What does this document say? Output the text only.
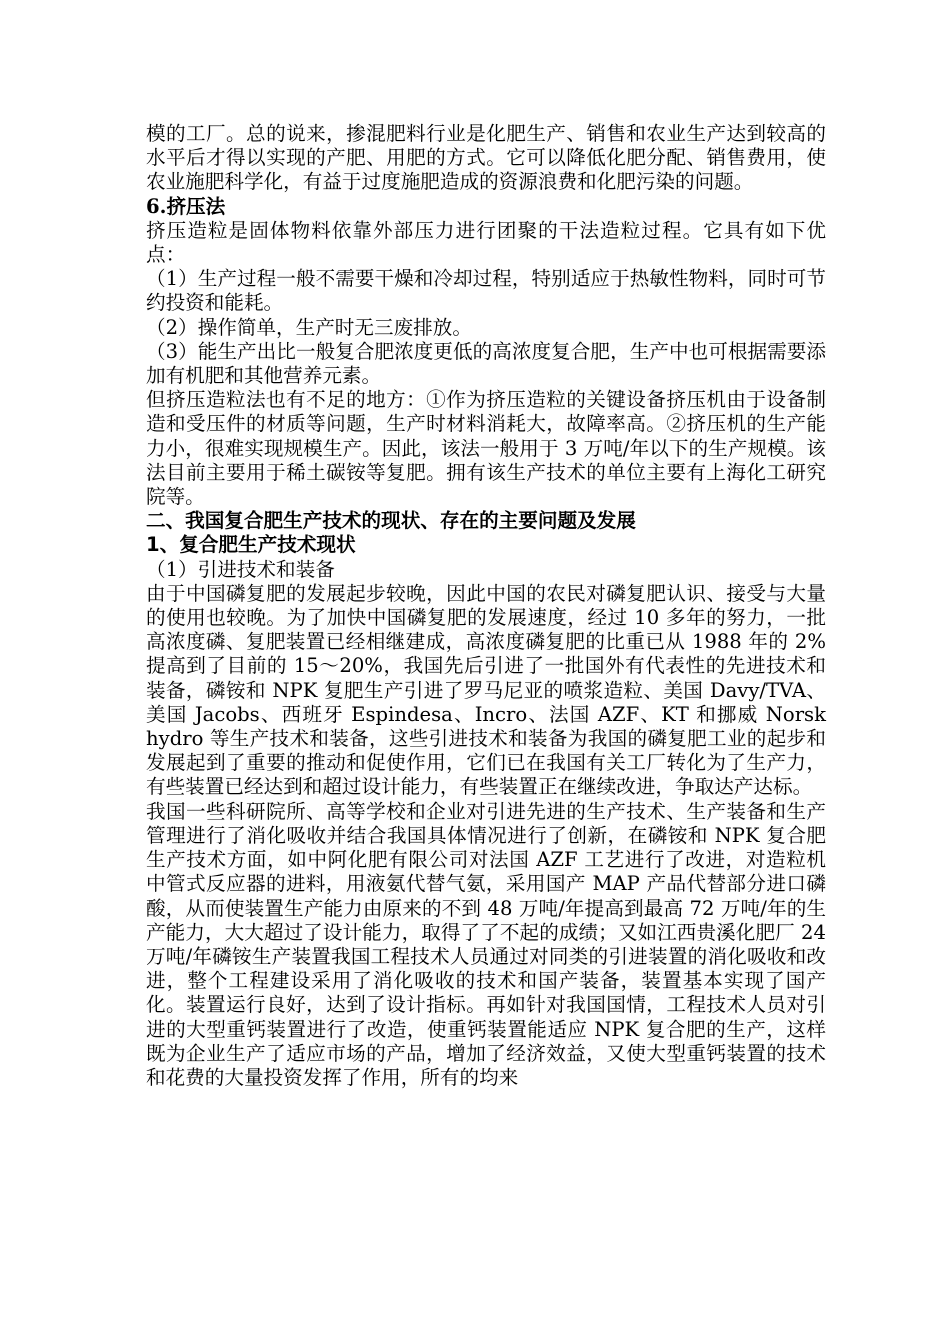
模的工厂。总的说来，掺混肥料行业是化肥生产、销售和农业生产达到较高的水平后才得以实现的产肥、用肥的方式。它可以降低化肥分配、销售费用，使农业施肥科学化，有益于过度施肥造成的资源浪费和化肥污染的问题。

6.挤压法

挤压造粒是固体物料依靠外部压力进行团聚的干法造粒过程。它具有如下优点：

（1）生产过程一般不需要干燥和冷却过程，特别适应于热敏性物料，同时可节约投资和能耗。

（2）操作简单，生产时无三废排放。

（3）能生产出比一般复合肥浓度更低的高浓度复合肥，生产中也可根据需要添加有机肥和其他营养元素。

但挤压造粒法也有不足的地方：①作为挤压造粒的关键设备挤压机由于设备制造和受压件的材质等问题，生产时材料消耗大，故障率高。②挤压机的生产能力小，很难实现规模生产。因此，该法一般用于 3 万吨/年以下的生产规模。该法目前主要用于稀土碳铵等复肥。拥有该生产技术的单位主要有上海化工研究院等。

二、我国复合肥生产技术的现状、存在的主要问题及发展

1、复合肥生产技术现状

（1）引进技术和装备

由于中国磷复肥的发展起步较晚，因此中国的农民对磷复肥认识、接受与大量的使用也较晚。为了加快中国磷复肥的发展速度，经过 10 多年的努力，一批高浓度磷、复肥装置已经相继建成，高浓度磷复肥的比重已从 1988 年的 2%提高到了目前的 15～20%，我国先后引进了一批国外有代表性的先进技术和装备，磷铵和 NPK 复肥生产引进了罗马尼亚的喷浆造粒、美国 Davy/TVA、美国 Jacobs、西班牙 Espindesa、Incro、法国 AZF、KT 和挪威 Norsk hydro 等生产技术和装备，这些引进技术和装备为我国的磷复肥工业的起步和发展起到了重要的推动和促使作用，它们已在我国有关工厂转化为了生产力，有些装置已经达到和超过设计能力，有些装置正在继续改进，争取达产达标。

我国一些科研院所、高等学校和企业对引进先进的生产技术、生产装备和生产管理进行了消化吸收并结合我国具体情况进行了创新，在磷铵和 NPK 复合肥生产技术方面，如中阿化肥有限公司对法国 AZF 工艺进行了改进，对造粒机中管式反应器的进料，用液氨代替气氨，采用国产 MAP 产品代替部分进口磷酸，从而使装置生产能力由原来的不到 48 万吨/年提高到最高 72 万吨/年的生产能力，大大超过了设计能力，取得了了不起的成绩；又如江西贵溪化肥厂 24 万吨/年磷铵生产装置我国工程技术人员通过对同类的引进装置的消化吸收和改进，整个工程建设采用了消化吸收的技术和国产装备，装置基本实现了国产化。装置运行良好，达到了设计指标。再如针对我国国情，工程技术人员对引进的大型重钙装置进行了改造，使重钙装置能适应 NPK 复合肥的生产，这样既为企业生产了适应市场的产品，增加了经济效益，又使大型重钙装置的技术和花费的大量投资发挥了作用，所有的均来
